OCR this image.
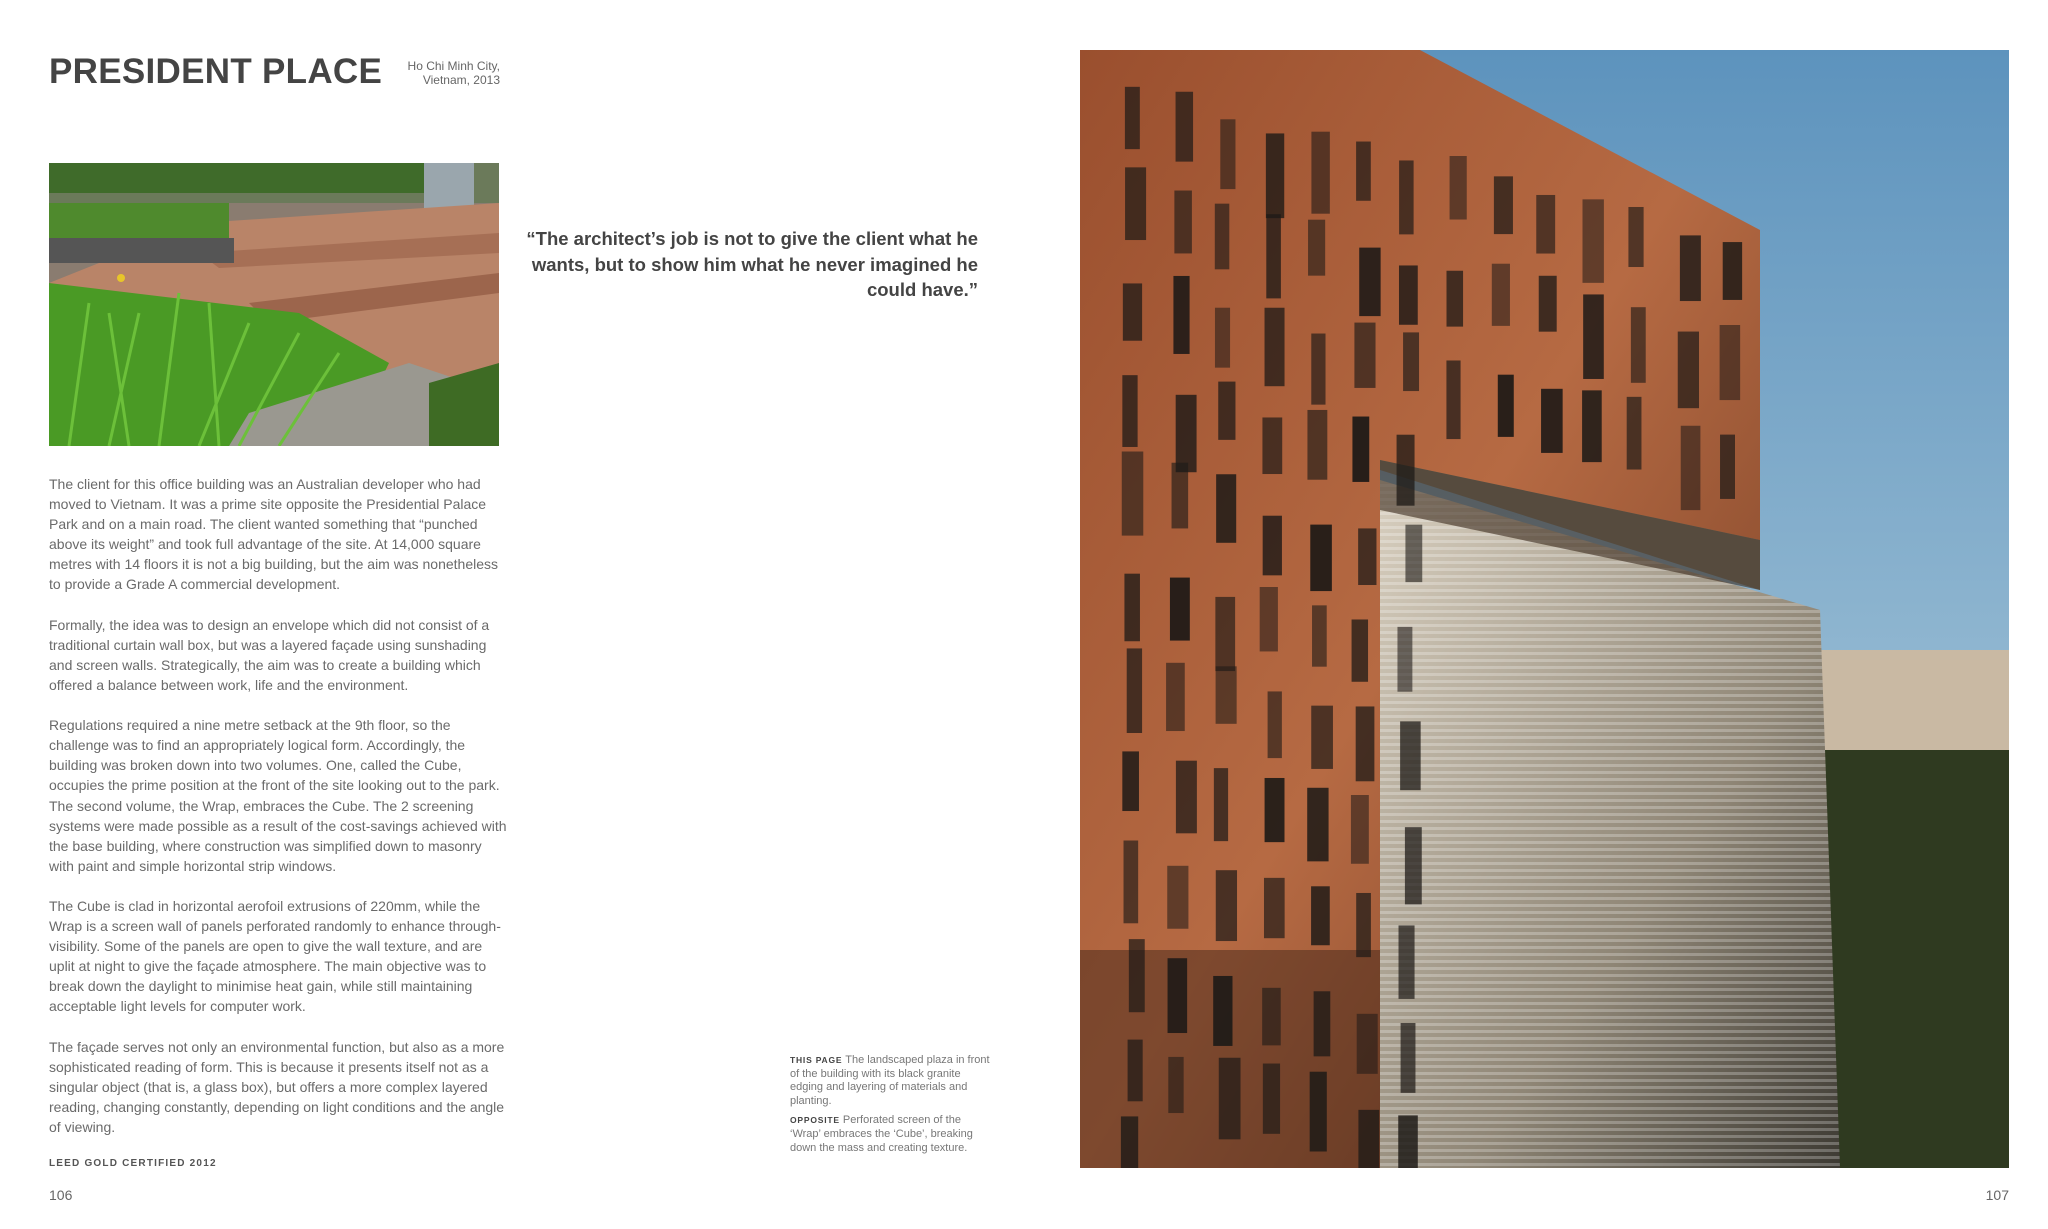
PRESIDENT PLACE	Ho Chi Minh City,
Vietnam, 2013
“The architect’s job is not to give the client what he wants, but to show him what he never imagined he could have.”

The client for this office building was an Australian developer who had moved to Vietnam. It was a prime site opposite the Presidential Palace Park and on a main road. The client wanted something that “punched above its weight” and took full advantage of the site. At 14,000 square metres with 14 floors it is not a big building, but the aim was nonetheless to provide a Grade A commercial development.

Formally, the idea was to design an envelope which did not consist of a traditional curtain wall box, but was a layered façade using sunshading and screen walls. Strategically, the aim was to create a building which offered a balance between work, life and the environment.

Regulations required a nine metre setback at the 9th floor, so the challenge was to find an appropriately logical form. Accordingly, the building was broken down into two volumes. One, called the Cube, occupies the prime position at the front of the site looking out to the park. The second volume, the Wrap, embraces the Cube. The 2 screening systems were made possible as a result of the cost-savings achieved with the base building, where construction was simplified down to masonry with paint and simple horizontal strip windows.

The Cube is clad in horizontal aerofoil extrusions of 220mm, while the Wrap is a screen wall of panels perforated randomly to enhance through-visibility. Some of the panels are open to give the wall texture, and are uplit at night to give the façade atmosphere. The main objective was to break down the daylight to minimise heat gain, while still maintaining acceptable light levels for computer work.

The façade serves not only an environmental function, but also as a more sophisticated reading of form. This is because it presents itself not as a singular object (that is, a glass box), but offers a more complex layered reading, changing constantly, depending on light conditions and the angle of viewing.

LEED GOLD CERTIFIED 2012
106

THIS PAGE The landscaped plaza in front of the building with its black granite edging and layering of materials and planting.

OPPOSITE Perforated screen of the ‘Wrap’ embraces the ‘Cube’, breaking down the mass and creating texture.

107
